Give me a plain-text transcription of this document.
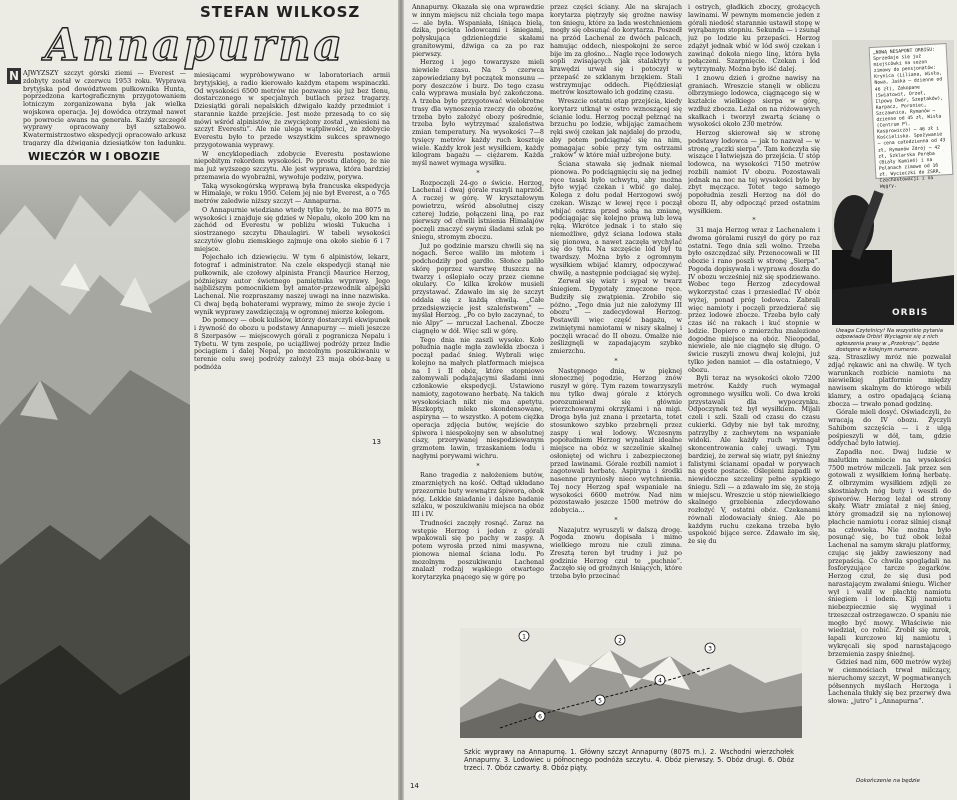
STEFAN WILKOSZ
Annapurna
N AJWYŻSZY szczyt górski ziemi — Everest — zdobyty został w czerwcu 1953 roku. Wyprawa brytyjska pod dowództwem pułkownika Hunta, poprzedzona kartograficznym przygotowaniem lotniczym zorganizowana była jak wielka wojskowa operacja. Jej dowódca otrzymał nawet po powrocie awans na generała. Każdy szczegół wyprawy opracowany był sztabowo. Kwatermistrzostwo ekspedycji opracowało arkusz tragarzy dla dźwigania dziesiątków ton ładunku.

WIECZÓR W I OBOZIE

miesiącami wypróbowywano w laboratoriach armii brytyjskiej, a radio kierowało każdym etapem wspinaczki. Od wysokości 6500 metrów nie pozwano się już bez tlenu, dostarczonego w specjalnych butlach przez tragarzy. Dziesiątki górali nepalskich dźwigało każdy przedmiot i starannie każde przejście. Jest może przesadą to co się mówi wśród alpinistów, że zwyciężony został „wniesieni na szczyt Everestu”. Ale nie ulega wątpliwości, że zdobycie Everestu było to przede wszystkim sukces sprawnego przygotowania wyprawy.

W encyklopediach zdobycie Everestu postawione niepobitym rekordem wysokości. Po prostu dlatego, że nie ma już wyższego szczytu. Ale jest wyprawa, która bardziej przemawia do wyobraźni, wywołuje podziw, porywa.

Taką wysokogórską wyprawą była francuska ekspedycja w Himalaje, w roku 1950. Celem jej nie był Everest, a o 765 metrów zaledwie niższy szczyt — Annapurna.

O Annapurnie wiedziano wtedy tylko tyle, że ma 8075 m wysokości i znajduje się gdzieś w Nepalu, około 200 km na zachód od Everestu w pobliżu wioski Tukucha i siostrzanego szczytu Dhaulagiri. W tabeli wysokości szczytów globu ziemskiego zajmuje ona około siebie 6 i 7 miejsce.

Pojechało ich dziewięciu. W tym 6 alpinistów, lekarz, fotograf i administrator. Na czele ekspedycji stanął nie pułkownik, ale czołowy alpinista Francji Maurice Herzog, późniejszy autor świetnego pamiętnika wyprawy. Jego najbliższym pomocnikiem był amator-przewodnik alpejski Lachenal. Nie rozpraszamy naszej uwagi na inne nazwiska. Ci dwaj będą bohaterami wyprawy, mimo że swoje życie i wynik wyprawy zawdzięczają w ogromnej mierze kolegom.

Do pomocy — obok kulisów, którzy dostarczyli ekwipunek i żywność do obozu u podstawy Annapurny — mieli jeszcze 8 Szerpasów — miejscowych górali z pogranicza Nepalu i Tybetu. W tym zespole, po uciążliwej podróży przez Indie pociągiem i dalej Nepal, po mozolnym poszukiwaniu w terenie celu swej podróży założył 23 maja obóz-bazę u podnóża

13

Annapurny. Okazała się ona wprawdzie w innym miejscu niż chciała tego mapa — ale była. Wspaniała, lśniąca bielą, dzika, pocięta lodowcami i śniegami, połyskująca gdzieniegdzie skałami granitowymi, dźwiga ca za po raz pierwszy.

Herzog i jego towarzysze mieli niewiele czasu. Na 5 czerwca zapowiedziany był początek monsunu — pory deszczów i burz. Do tego czasu cała wyprawa musiała być zakończona. A trzeba było przygotować wielokrotne trasy dla wynoszenia rzeczy do obozów, trzeba było założyć obozy pośrednie, trzeba było wytrzymać szaleństwa zmian temperatury. Na wysokości 7—8 tysięcy metrów każdy ruch kosztuje wiele. Każdy krok jest wysiłkiem, każdy kilogram bagażu — ciężarem. Każda myśl nawet wymaga wysiłku.

*

Rozpoczęli 24-go o świcie. Herzog, Lachenal i dwaj górale ruszyli naprzód. A raczej w górę. W kryształowym powietrzu, wśród absolutnej ciszy czterej ludzie, połączeni liną, po raz pierwszy od chwili istnienia Himalajów poczęli znaczyć swymi śladami szlak po śniegu, stromym zboczu.

Już po godzinie marszu chwili się na nogach. Serce waliło im młotem i podchodziły pod gardło. Słońce paliło skórę poprzez warstwę tłuszczu na twarzy i oślepiało oczy przez ciemne okulary. Co kilka kroków musieli przystawać. Zdawało im się że szczyt oddala się z każdą chwilą. „Całe przedsięwzięcie jest szaleństwem” — myślał Herzog. „Po co było zaczynać, to nie Alpy” — mruczał Lachenal. Zbocze ciągnęło w dół. Więc szli w górę.

Tego dnia nie zaszli wysoko. Koło południa nagle mgła zawlekła zbocza i począł padać śnieg. Wybrali więc kolejno na małych platformach miejsca na I i II obóz, które stopniowo załomywali podążającymi śladami inni członkowie ekspedycji. Ustawiono namioty, zagotowano herbatę. Na takich wysokościach nikt nie ma apetytu. Biszkopty, mleko skondensowane, aspiryna — to wszystko. A potem ciężka operacja zdjęcia butów, wejście do śpiwora i niespokojny sen w absolutnej ciszy, przerywanej niespodziewanym grzmotem lawin, trzaskaniem lodu i nagłymi porywami wichru.

*

Rano tragedia z nałożeniem butów, zmarzniętych na kość. Odtąd układano przezornie buty wewnątrz śpiwora, obok nóg. Lekkie śniadanie i dalsze badanie szlaku, w poszukiwaniu miejsca na obóz III i IV.

Trudności zaczęły rosnąć. Zaraz na wstępie Herzog i jeden z górali wpakowali się po pachy w zaspy. A potem wyrosła przed nimi masywna, pionowa niemal ściana lodu. Po mozolnym poszukiwaniu Lachenal znalazł rodzaj wąskiego otwartego korytarzyka pnącego się w górę po

przez części ściany. Ale na skrajach korytarza piętrzyły się groźne nawisy ton śniegu, które za lada westchnieniem mogły się obsunąć do korytarza. Poszedł na przód Lachenal ze dwóch palcach, hamując oddech, niespokojni że serce bije im za głośno... Nagle ręce lodowych sopli zwisających jak stalaktyty u krawędzi urwał się i potoczył w przepaść ze szklanym brzękiem. Stali wstrzymując oddech. Pięćdziesiąt metrów kosztowało ich godzinę czasu.

Wreszcie ostatni etap przejścia, kiedy korytarz utknął w ostro wznoszącej się ścianie lodu. Herzog począł pełznąć na brzuchu po lodzie, wbijając zamachem ręki swój czekan jak najdalej do przodu, aby potem podciągnąć się na nim, pomagając sobie przy tym ostrzami „raków” w które miał uzbrojone buty.

Ściana stawała się jednak niemal pionowa. Po podciągnięciu się na jednej ręce tasak było uchwytu, aby można było wyjąć czekan i wbić go dalej. Kolega z dołu podał Herzogowi swój czekan. Wisząc w lewej ręce i począł wbijać ostrza przed sobą na zmianę, podciągając się kolejno prawą lub lewą ręką. Wkrótce jednak i to stało się niemożliwe, gdyż ściana lodowa stała się pionowa, a nawet zaczęła wychylać się do tyłu. Na szczęście lód był tu twardszy. Można było z ogromnym wysiłkiem wbijać klamry, odpoczywać chwilę, a następnie podciągać się wyżej.

Zerwał się wiatr i sypał w twarz śniegiem. Dygotały zmęczone ręce. Budziły się zwątpienia. Zrobiło się późno. „Tego dnia już nie założymy III obozu” — zadecydował Herzog. Postawili więc część bagażu, w zwiniętymi namiotami w niszy skalnej i poczęli wracać do II obozu. Omalże nie ześlizgnęli w zapadającym szybko zmierzchu.

*

Następnego dnia, w pięknej słonecznej pogodzie, Herzog znów ruszył w górę. Tym razem towarzyszyli mu tylko dwaj górale z których porozumiewał się głównie wierzchowanymi okrzykami i na migi. Droga była już znana i przetarta, totet stosunkowo szybko przebrnęli przez zaspy i wał lodowy. Wczesnym popołudniem Herzog wynalazł idealne miejsce na obóz w szczelinie skalnej osłoniętej od wichru i zabezpieczonej przed lawinami. Górale rozbili namiot i zagotowali herbatę. Aspiryna i środki nasenne przyniosły nieco wytchnienia. Tej nocy Herzog spał wspaniale na wysokości 6600 metrów. Nad nim pozostawało jeszcze 1500 metrów do zdobycia...

*

Nazajutrz wyruszyli w dalszą drogę. Pogoda znowu dopisała i mimo wielkiego mrozu nie czuli zimna. Zresztą teren był trudny i już po godzinie Herzog czuł te „puchnie”. Zaczęło się od groźnych lśniących, które trzeba było przecinać

i ostrych, gładkich zboczy, grożących lawinami. W pewnym momencie jeden z górali niedość starannie ustawił stopę w wyrąbanym stopniu. Sekunda — i zsunął już po lodzie ku przepaści. Herzog zdążył jednak wbić w lód swój czekan i zawinąć dokoła niego linę, która była połączeni. Szarpnięcie. Czekan i lód wytrzymały. Można było iść dalej.

I znowu dzień i groźne nawisy na graniach. Wreszcie stanęli w obliczu olbrzymiego lodowca, ciągnącego się w kształcie wielkiego sierpa w górę, wzdłuż zbocza. Leżał on na różowawych skałkach i tworzył zwartą ścianę o wysokości około 230 metrów.

Herzog skierował się w stronę podstawy lodowca — jak to nazwał — w stronę „rączki sierpa”. Tam kończyła się wiszące I łatwiejsza do przejścia. U stóp lodowca, na wysokości 7150 metrów rozbili namiot IV obozu. Pozostawali jednak na noc na tej wysokości bylo by zbyt męczące. Totet tego samego popołudnia zeszli Herzog na dół do obozu II, aby odpocząć przed ostatnim wysiłkiem.

*

31 maja Herzog wraz z Lachenalem i dwoma góralami ruszył do góry po raz ostatni. Tego dnia szli wolno. Trzeba było oszczędzać siły. Przenocowali w III obozie i rano poszli w stronę „Sierpa”. Pogoda dopisywała i wyprawa doszła do IV obozu wcześniej niż się spodziewano. Wobec tego Herzog zdecydował wykorzystać czas i przesiedlać IV obóz wyżej, ponad próg lodowca. Zabrali więc namioty i poczęli przedzierać się przez lodowe zbocze. Trzeba było cały czas iść na rakach i kuć stopnie w lodzie. Dopiero o zmierzchu znaleziono dogodne miejsce na obóz. Nieopodal, niewiele, ale nie ciągnęło się długo. O świcie ruszyli znowu dwaj kolejni, już tylko jeden namiot — dla ostatniego, V obozu.

Byli teraz na wysokości około 7200 metrów. Każdy ruch wymagał ogromnego wysiłku woli. Co dwa kroki przystawali dla wypoczynku. Odpoczynek też był wysiłkiem. Mijali czeli i szli. Szali od czasu do czasu cukierki. Gdyby nie był tak mroźny, patrzylby z zachwytem na wspaniałe widoki. Ale każdy ruch wymagał skoncentrowania całej uwagi. Tym bardziej, że zerwał się wiatr, pył śnieżny falistymi ścianami opadał w porywach na gęste postacie. Oślepieni zapadli w niewidoczne szczeliny pełne sypkiego śniegu. Szli — a zdawało im się, że stoją w miejscu. Wreszcie u stóp niewielkiego skalnego grzebienia zdecydowano rozłożyć V, ostatni obóz. Czekanami równali zlodowaciały śnieg. Ale po każdym ruchu czekana trzeba było uspokoić bijące serce. Zdawało im się, że się du

szą. Straszliwy mróz nie pozwalał zdjąć rękawic ani na chwilę. W tych warunkach rozbicie namiotu na niewielkiej platformie między nawisem skalnym do którego wbili klamry, a ostro opadającą ścianą zbocza — trwało ponad godzinę.

Górale mieli dosyć. Oświadczyli, że wracają do IV obozu. Życzyli Sahibom szczęścia — i z ulgą pośpieszyli w dół, tam, gdzie oddychać było łatwiej.

Zapadła noc. Dwaj ludzie w malutkim namiocie na wysokości 7500 metrów milczeli. Jak przez sen gotowali z wysiłkiem łońną herbatę. Z olbrzymim wysiłkiem zdjęli ze skostniałych nóg buty i weszli do śpiworów. Herzog leżał od strony skały. Wiatr zmiatał z niej śnieg, który gromadził się na nylonowej płachcie namiotu i coraz silniej cisnął na człowieka. Nie można było posunąć się, bo tuż obok leżał Lachenal na samym skraju platformy, czując się jakby zawieszony nad przepaścią. Co chwila spoglądali na fosforyzujące tarcze zegarków. Herzog czuł, że się dusi pod narastającym zwałami śniegu. Wicher wył i walił w płachtę namiotu śniegiem i lodem. Kiji namiotu niebezpiecznie się wyginał i trzeszczał ostrzegawczo. O spaniu nie mogło być mowy. Właściwie nie wiedział, co robić. Zrobił się mrok, łapali kurczowo kij namiotu i wykręcali się spod narastającego brzemienia zaspy śnieżnej.

Gdzieś nad nim, 600 metrów wyżej w ciemnościach trwał milczący, nieruchomy szczyt, W pogmatwanych półsennych myślach Herzoga i Lachenala tłukły się bez przerwy dwa słowa: „jutro” i „Annapurna”.

1
2
3
4
5
6
Szkic wyprawy na Annapurnę. 1. Główny szczyt Annapurny (8075 m.). 2. Wschodni wierzchołek Annapurny. 3. Lodowiec u północnego podnóża szczytu. 4. Obóz pierwszy. 5. Obóz drugi. 6. Obóz trzeci. 7. Obóz czwarty. 8. Obóz piąty.
14
Dokończenie na będzie
„NOWĄ NESAPONT ORBISU: Sprzedaje się już miejscówki na sezon zimowy do pensjonatów: Krynica (Liliana, Wisła, Nowa, Jaśka — dzienne od 46 zł), Zakopane (Swiatowit, Orzeł, Ilpowy Dwór, Szeptaków), Karpacz, Poroniec, Szczawnica, Rymanów — dzienne od 45 zł, Wisła (Centrum Pl. Kasprowicza) — 46 zł i Kościelisko. Spożywanie — cena całodzienna od 43 zł, Rymanów Zdrój — 42 zł, Szklarska Poręba (Biały Kamień) i na Polanach zimowe od 16 zł. Wycieczki do ZSRR, Czechosłowacji i na Węgry.
ORBIS
Uwaga Czytelnicy! Na wszystkie pytania odpowiada Orbis! Wyciągnie się z nich ogłoszenia prasy w „Przekroju”, będzie dostępne w kolejnym numerze.
